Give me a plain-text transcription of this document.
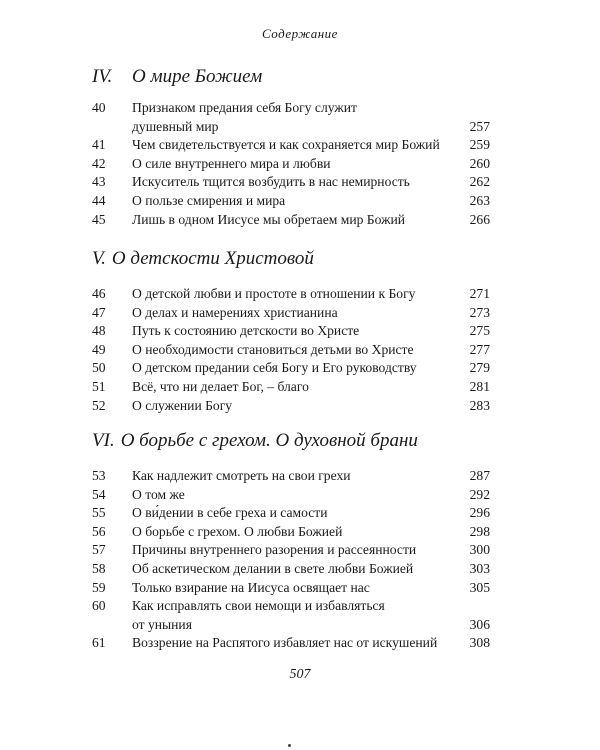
Содержание
IV. О мире Божием
40	Признаком предания себя Богу служит
душевный мир	257
41	Чем свидетельствуется и как сохраняется мир Божий	259
42	О силе внутреннего мира и любви	260
43	Искуситель тщится возбудить в нас немирность	262
44	О пользе смирения и мира	263
45	Лишь в одном Иисусе мы обретаем мир Божий	266
V. О детскости Христовой
46	О детской любви и простоте в отношении к Богу	271
47	О делах и намерениях христианина	273
48	Путь к состоянию детскости во Христе	275
49	О необходимости становиться детьми во Христе	277
50	О детском предании себя Богу и Его руководству	279
51	Всё, что ни делает Бог, – благо	281
52	О служении Богу	283
VI. О борьбе с грехом. О духовной брани
53	Как надлежит смотреть на свои грехи	287
54	О том же	292
55	О ви́дении в себе греха и самости	296
56	О борьбе с грехом. О любви Божией	298
57	Причины внутреннего разорения и рассеянности	300
58	Об аскетическом делании в свете любви Божией	303
59	Только взирание на Иисуса освящает нас	305
60	Как исправлять свои немощи и избавляться
от уныния	306
61	Воззрение на Распятого избавляет нас от искушений	308
507
